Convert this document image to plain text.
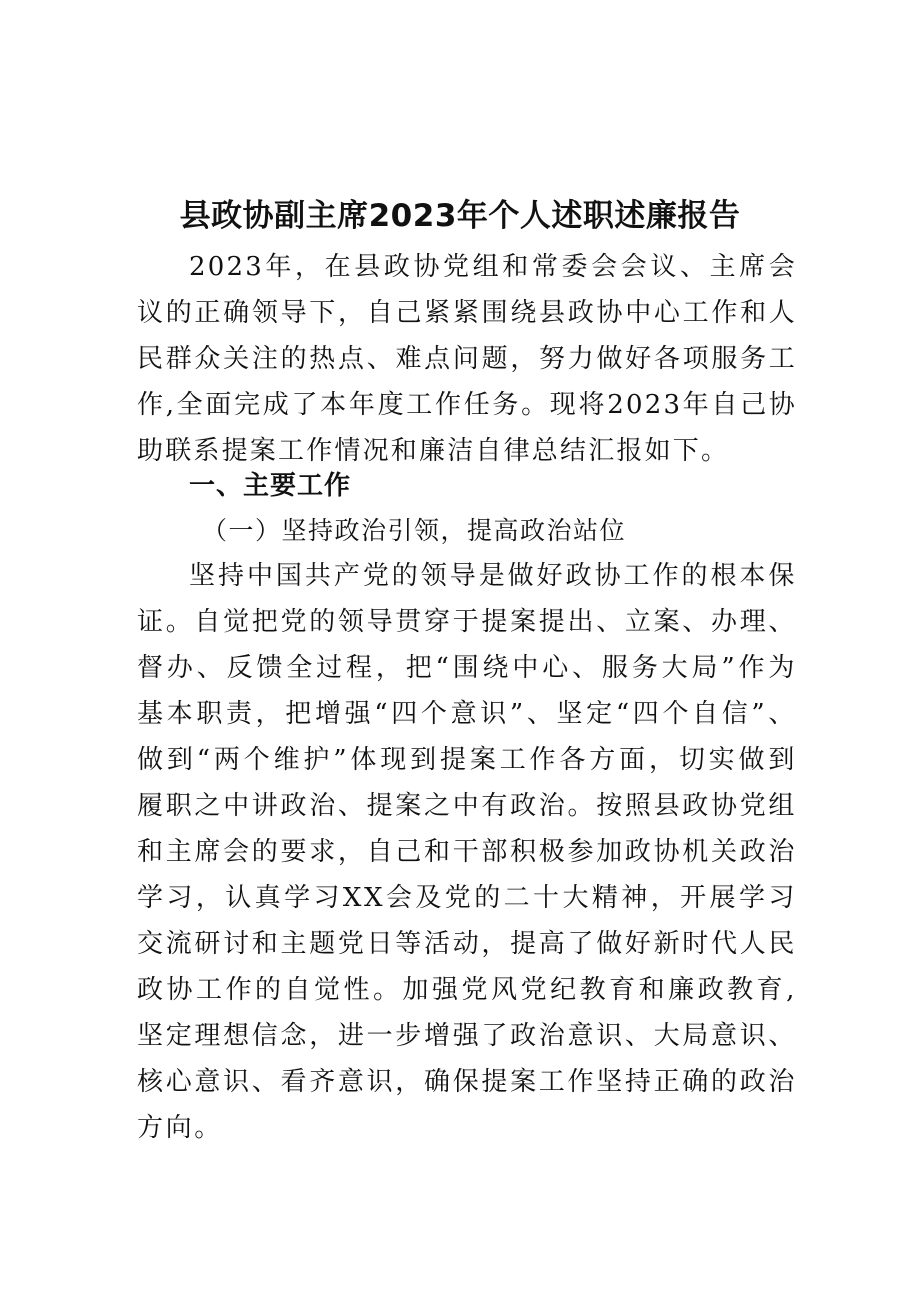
县政协副主席2023年个人述职述廉报告

2023年，在县政协党组和常委会会议、主席会议的正确领导下，自己紧紧围绕县政协中心工作和人民群众关注的热点、难点问题，努力做好各项服务工作,全面完成了本年度工作任务。现将2023年自己协助联系提案工作情况和廉洁自律总结汇报如下。

一、主要工作
（一）坚持政治引领，提高政治站位

坚持中国共产党的领导是做好政协工作的根本保证。自觉把党的领导贯穿于提案提出、立案、办理、督办、反馈全过程，把“围绕中心、服务大局”作为基本职责，把增强“四个意识”、坚定“四个自信”、做到“两个维护”体现到提案工作各方面，切实做到履职之中讲政治、提案之中有政治。按照县政协党组和主席会的要求，自己和干部积极参加政协机关政治学习，认真学习XX会及党的二十大精神，开展学习交流研讨和主题党日等活动，提高了做好新时代人民政协工作的自觉性。加强党风党纪教育和廉政教育,坚定理想信念，进一步增强了政治意识、大局意识、核心意识、看齐意识，确保提案工作坚持正确的政治方向。
